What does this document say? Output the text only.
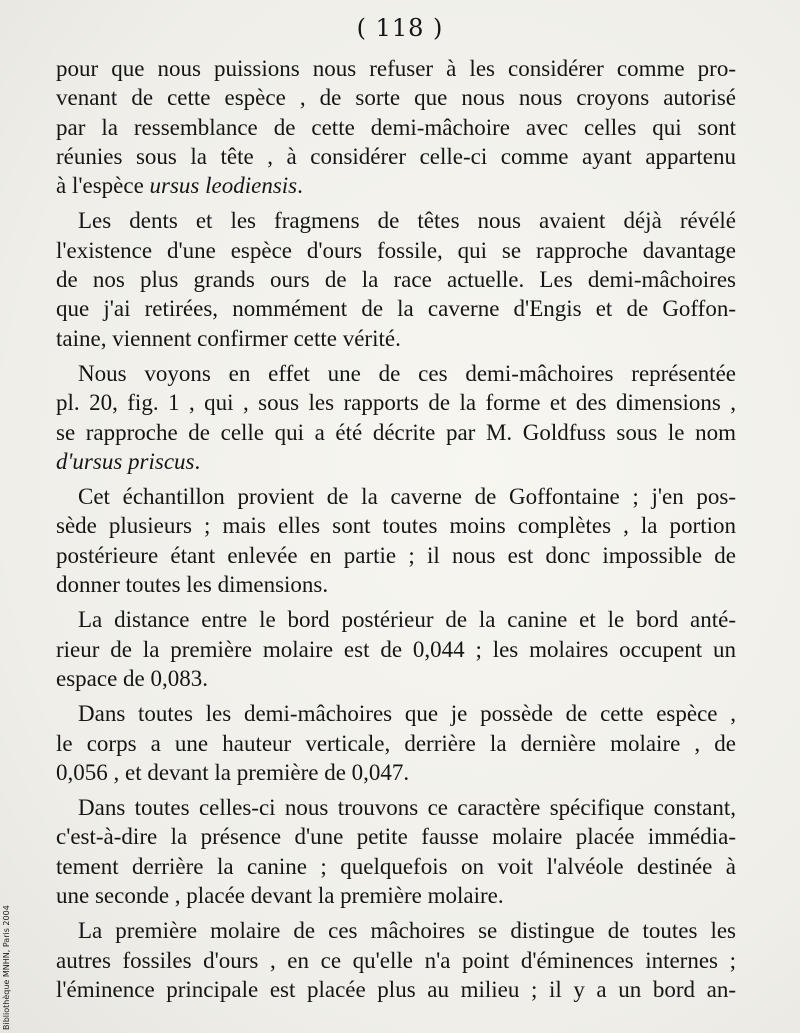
( 118 )
pour que nous puissions nous refuser à les considérer comme pro-
venant de cette espèce , de sorte que nous nous croyons autorisé
par la ressemblance de cette demi-mâchoire avec celles qui sont
réunies sous la tête , à considérer celle-ci comme ayant appartenu
à l'espèce ursus leodiensis.
Les dents et les fragmens de têtes nous avaient déjà révélé
l'existence d'une espèce d'ours fossile, qui se rapproche davantage
de nos plus grands ours de la race actuelle. Les demi-mâchoires
que j'ai retirées, nommément de la caverne d'Engis et de Goffon-
taine, viennent confirmer cette vérité.
Nous voyons en effet une de ces demi-mâchoires représentée
pl. 20, fig. 1 , qui , sous les rapports de la forme et des dimensions ,
se rapproche de celle qui a été décrite par M. Goldfuss sous le nom
d'ursus priscus.
Cet échantillon provient de la caverne de Goffontaine ; j'en pos-
sède plusieurs ; mais elles sont toutes moins complètes , la portion
postérieure étant enlevée en partie ; il nous est donc impossible de
donner toutes les dimensions.
La distance entre le bord postérieur de la canine et le bord anté-
rieur de la première molaire est de 0,044 ; les molaires occupent un
espace de 0,083.
Dans toutes les demi-mâchoires que je possède de cette espèce ,
le corps a une hauteur verticale, derrière la dernière molaire , de
0,056 , et devant la première de 0,047.
Dans toutes celles-ci nous trouvons ce caractère spécifique constant,
c'est-à-dire la présence d'une petite fausse molaire placée immédia-
tement derrière la canine ; quelquefois on voit l'alvéole destinée à
une seconde , placée devant la première molaire.
La première molaire de ces mâchoires se distingue de toutes les
autres fossiles d'ours , en ce qu'elle n'a point d'éminences internes ;
l'éminence principale est placée plus au milieu ; il y a un bord an-
Bibliothèque MNHN, Paris 2004
